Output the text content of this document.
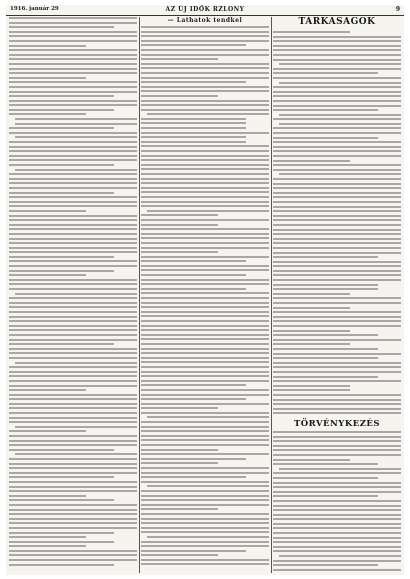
1916. január 29	AZ ÚJ IDŐK RZLONY	9
— Lathatok tendkel	TARKASAGOK
TÖRVÉNYKEZÉS
